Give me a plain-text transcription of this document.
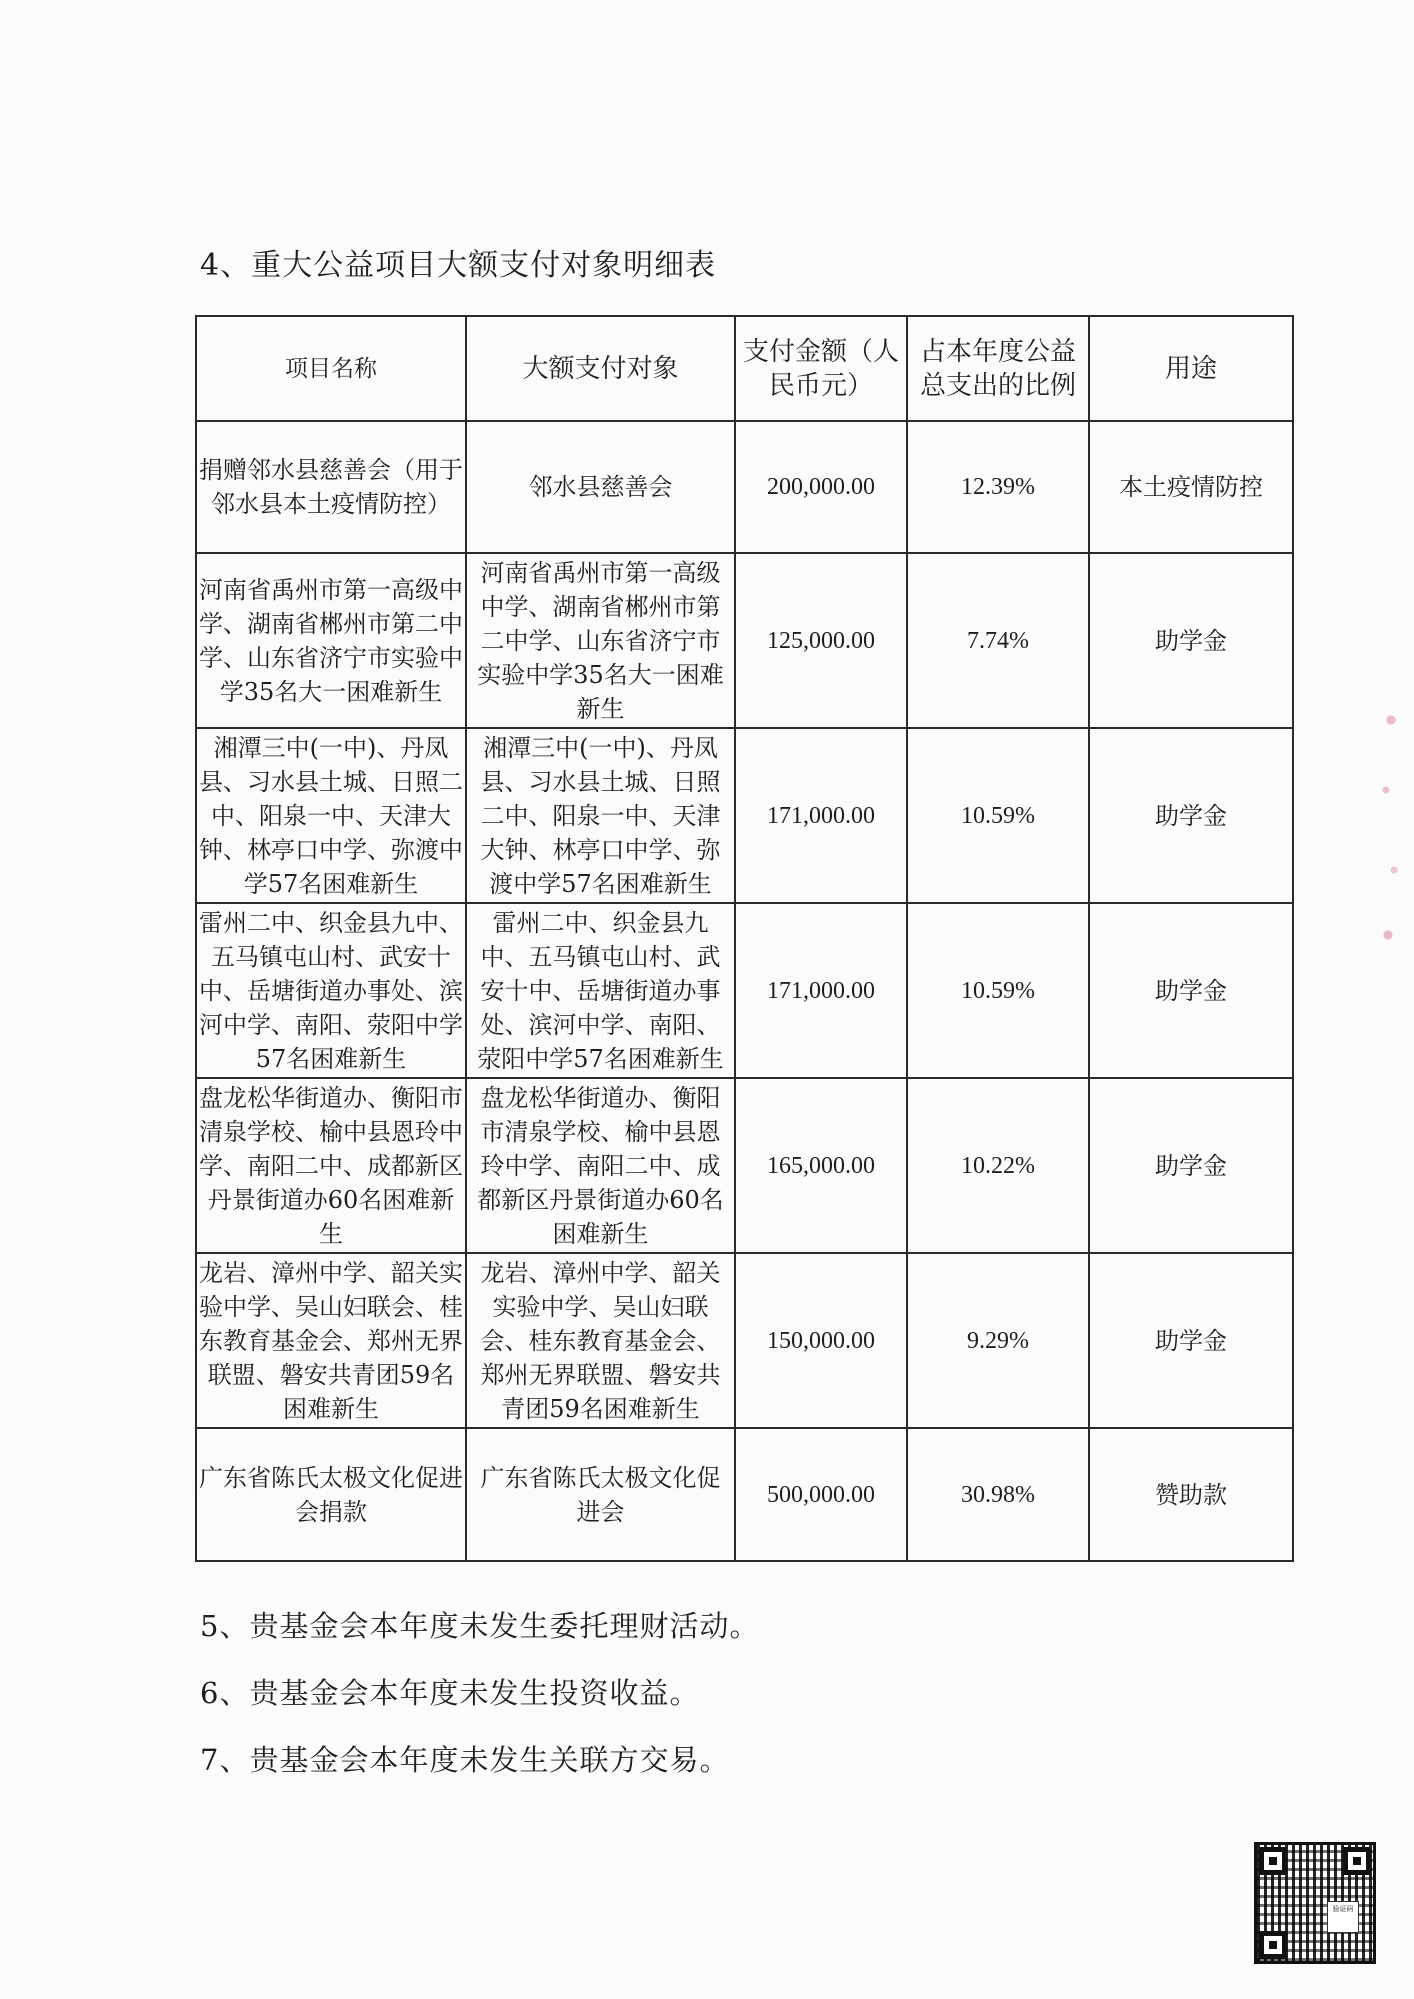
4、重大公益项目大额支付对象明细表
项目名称	大额支付对象	支付金额（人民币元）	占本年度公益总支出的比例	用途
捐赠邻水县慈善会（用于邻水县本土疫情防控）	邻水县慈善会	200,000.00	12.39%	本土疫情防控
河南省禹州市第一高级中学、湖南省郴州市第二中学、山东省济宁市实验中学35名大一困难新生	河南省禹州市第一高级中学、湖南省郴州市第二中学、山东省济宁市实验中学35名大一困难新生	125,000.00	7.74%	助学金
湘潭三中(一中)、丹凤县、习水县土城、日照二中、阳泉一中、天津大钟、林亭口中学、弥渡中学57名困难新生	湘潭三中(一中)、丹凤县、习水县土城、日照二中、阳泉一中、天津大钟、林亭口中学、弥渡中学57名困难新生	171,000.00	10.59%	助学金
雷州二中、织金县九中、五马镇屯山村、武安十中、岳塘街道办事处、滨河中学、南阳、荥阳中学57名困难新生	雷州二中、织金县九中、五马镇屯山村、武安十中、岳塘街道办事处、滨河中学、南阳、荥阳中学57名困难新生	171,000.00	10.59%	助学金
盘龙松华街道办、衡阳市清泉学校、榆中县恩玲中学、南阳二中、成都新区丹景街道办60名困难新生	盘龙松华街道办、衡阳市清泉学校、榆中县恩玲中学、南阳二中、成都新区丹景街道办60名困难新生	165,000.00	10.22%	助学金
龙岩、漳州中学、韶关实验中学、吴山妇联会、桂东教育基金会、郑州无界联盟、磐安共青团59名困难新生	龙岩、漳州中学、韶关实验中学、吴山妇联会、桂东教育基金会、郑州无界联盟、磐安共青团59名困难新生	150,000.00	9.29%	助学金
广东省陈氏太极文化促进会捐款	广东省陈氏太极文化促进会	500,000.00	30.98%	赞助款

5、贵基金会本年度未发生委托理财活动。

6、贵基金会本年度未发生投资收益。

7、贵基金会本年度未发生关联方交易。

验证码
